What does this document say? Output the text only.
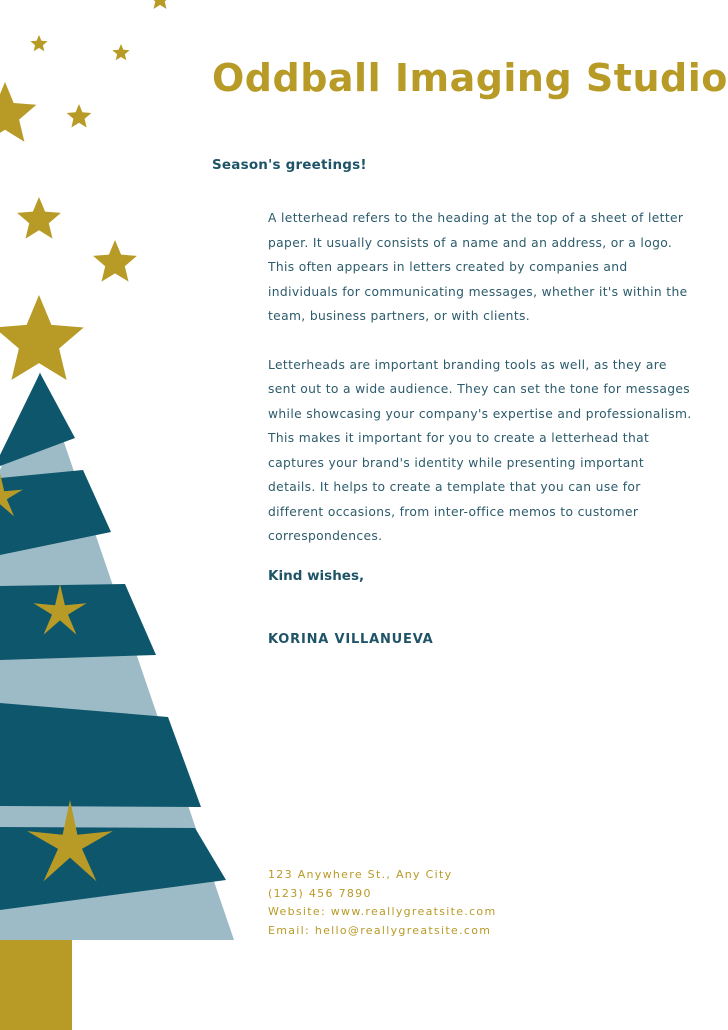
Oddball Imaging Studio
Season's greetings!

A letterhead refers to the heading at the top of a sheet of letter paper. It usually consists of a name and an address, or a logo. This often appears in letters created by companies and individuals for communicating messages, whether it's within the team, business partners, or with clients.

Letterheads are important branding tools as well, as they are sent out to a wide audience. They can set the tone for messages while showcasing your company's expertise and professionalism. This makes it important for you to create a letterhead that captures your brand's identity while presenting important details. It helps to create a template that you can use for different occasions, from inter-office memos to customer correspondences.

Kind wishes,
KORINA VILLANUEVA
123 Anywhere St., Any City
(123) 456 7890
Website: www.reallygreatsite.com
Email: hello@reallygreatsite.com
